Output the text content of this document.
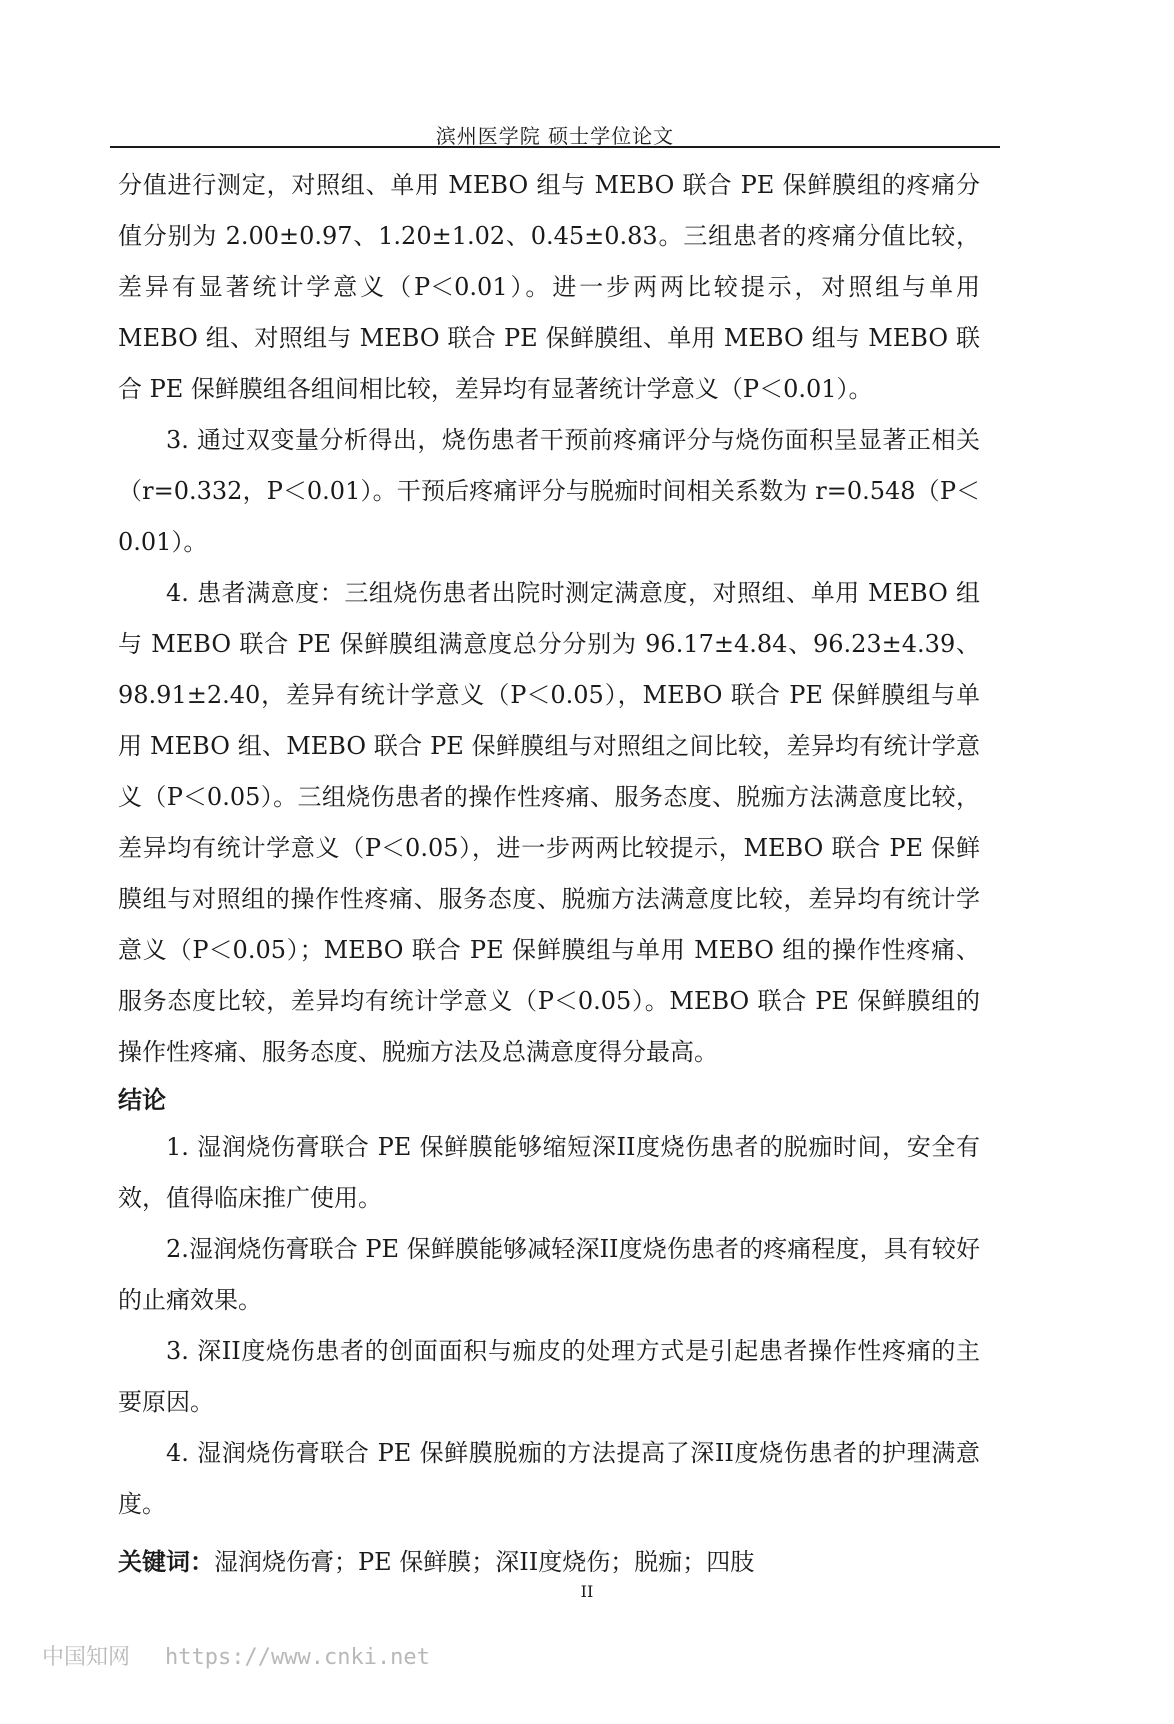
滨州医学院 硕士学位论文

分值进行测定，对照组、单用 MEBO 组与 MEBO 联合 PE 保鲜膜组的疼痛分值分别为 2.00±0.97、1.20±1.02、0.45±0.83。三组患者的疼痛分值比较，差异有显著统计学意义（P＜0.01）。进一步两两比较提示，对照组与单用 MEBO 组、对照组与 MEBO 联合 PE 保鲜膜组、单用 MEBO 组与 MEBO 联合 PE 保鲜膜组各组间相比较，差异均有显著统计学意义（P＜0.01）。

3. 通过双变量分析得出，烧伤患者干预前疼痛评分与烧伤面积呈显著正相关（r=0.332，P＜0.01）。干预后疼痛评分与脱痂时间相关系数为 r=0.548（P＜0.01）。

4. 患者满意度：三组烧伤患者出院时测定满意度，对照组、单用 MEBO 组与 MEBO 联合 PE 保鲜膜组满意度总分分别为 96.17±4.84、96.23±4.39、98.91±2.40，差异有统计学意义（P＜0.05），MEBO 联合 PE 保鲜膜组与单用 MEBO 组、MEBO 联合 PE 保鲜膜组与对照组之间比较，差异均有统计学意义（P＜0.05）。三组烧伤患者的操作性疼痛、服务态度、脱痂方法满意度比较，差异均有统计学意义（P＜0.05），进一步两两比较提示，MEBO 联合 PE 保鲜膜组与对照组的操作性疼痛、服务态度、脱痂方法满意度比较，差异均有统计学意义（P＜0.05）；MEBO 联合 PE 保鲜膜组与单用 MEBO 组的操作性疼痛、服务态度比较，差异均有统计学意义（P＜0.05）。MEBO 联合 PE 保鲜膜组的操作性疼痛、服务态度、脱痂方法及总满意度得分最高。

结论

1. 湿润烧伤膏联合 PE 保鲜膜能够缩短深II度烧伤患者的脱痂时间，安全有效，值得临床推广使用。

2.湿润烧伤膏联合 PE 保鲜膜能够减轻深II度烧伤患者的疼痛程度，具有较好的止痛效果。

3. 深II度烧伤患者的创面面积与痂皮的处理方式是引起患者操作性疼痛的主要原因。

4. 湿润烧伤膏联合 PE 保鲜膜脱痂的方法提高了深II度烧伤患者的护理满意度。

关键词：湿润烧伤膏；PE 保鲜膜；深II度烧伤；脱痂；四肢

II
中国知网 https://www.cnki.net
